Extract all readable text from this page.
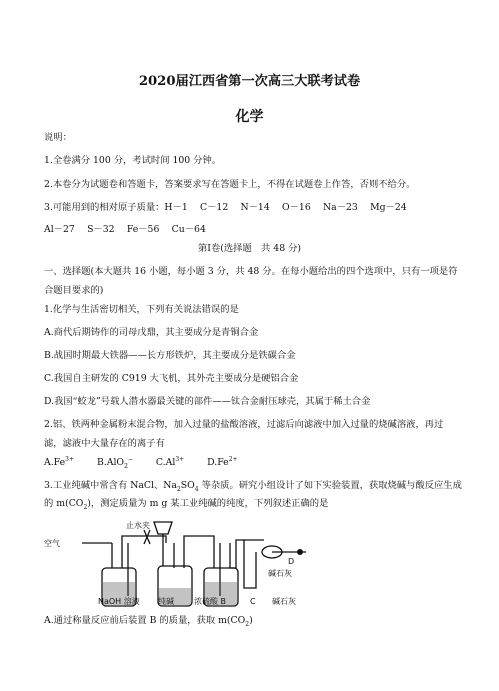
2020届江西省第一次高三大联考试卷
化学
说明：
1.全卷满分 100 分，考试时间 100 分钟。
2.本卷分为试题卷和答题卡，答案要求写在答题卡上，不得在试题卷上作答，否则不给分。
3.可能用到的相对原子质量：H－1　 C－12　 N－14　 O－16　 Na－23　 Mg－24
Al－27　 S－32　 Fe－56　 Cu－64
第Ⅰ卷(选择题　共 48 分)
一、选择题(本大题共 16 小题，每小题 3 分，共 48 分。在每小题给出的四个选项中，只有一项是符合题目要求的)
1.化学与生活密切相关，下列有关说法错误的是
A.商代后期铸作的司母戊鼎，其主要成分是青铜合金
B.战国时期最大铁器——长方形铁炉，其主要成分是铁碳合金
C.我国自主研发的 C919 大飞机，其外壳主要成分是硬铝合金
D.我国“蛟龙”号载人潜水器最关键的部件——钛合金耐压球壳，其属于稀土合金
2.铝、铁两种金属粉末混合物，加入过量的盐酸溶液，过滤后向滤液中加入过量的烧碱溶液，再过滤，滤液中大量存在的离子有
$A.Fe^{3+}$ B.AlO$_2$− $C.Al^{3+}$ $D.Fe^{2+}$
3.工业纯碱中常含有 NaCl、$Na_2SO_4$ 等杂质。研究小组设计了如下实验装置，获取烧碱与酸反应生成
的 $m(CO_2)$，测定质量为 m g 某工业纯碱的纯度，下列叙述正确的是
空气
止水夹
NaOH 溶液 纯碱	浓硫酸 B	C 碱石灰
D
碱石灰
A.通过称量反应前后装置 B 的质量，获取 $m(CO_2)$
